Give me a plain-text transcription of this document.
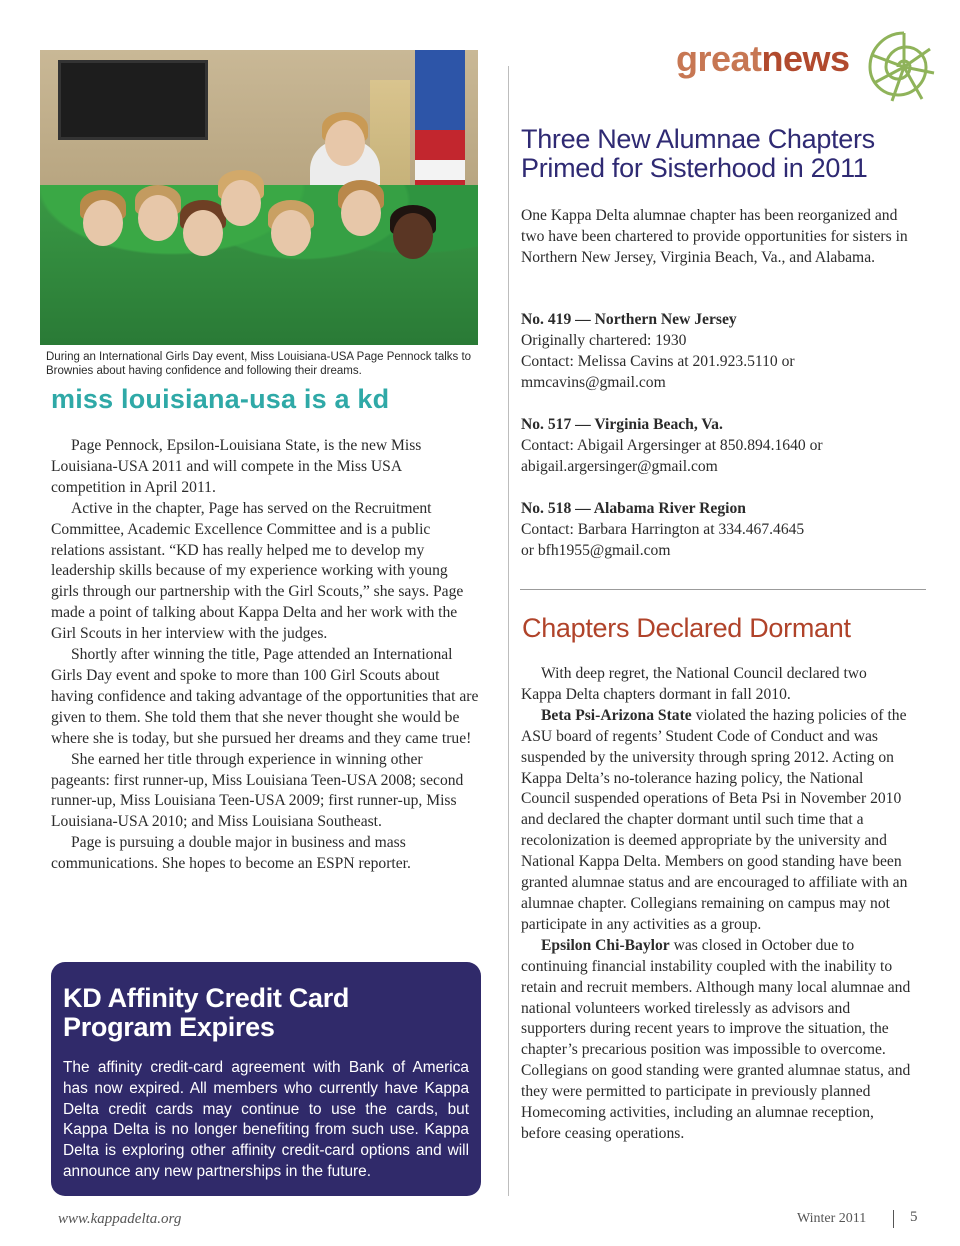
During an International Girls Day event, Miss Louisiana-USA Page Pennock talks to Brownies about having confidence and following their dreams.
miss louisiana-usa is a kd

Page Pennock, Epsilon-Louisiana State, is the new Miss Louisiana-USA 2011 and will compete in the Miss USA competition in April 2011.

Active in the chapter, Page has served on the Recruitment Committee, Academic Excellence Committee and is a public relations assistant. “KD has really helped me to develop my leadership skills because of my experience working with young girls through our partnership with the Girl Scouts,” she says. Page made a point of talking about Kappa Delta and her work with the Girl Scouts in her interview with the judges.

Shortly after winning the title, Page attended an International Girls Day event and spoke to more than 100 Girl Scouts about having confidence and taking advantage of the opportunities that are given to them. She told them that she never thought she would be where she is today, but she pursued her dreams and they came true!

She earned her title through experience in winning other pageants: first runner-up, Miss Louisiana Teen-USA 2008; second runner-up, Miss Louisiana Teen-USA 2009; first runner-up, Miss Louisiana-USA 2010; and Miss Louisiana Southeast.

Page is pursuing a double major in business and mass communications. She hopes to become an ESPN reporter.

KD Affinity Credit Card
Program Expires
The affinity credit-card agreement with Bank of America has now expired. All members who currently have Kappa Delta credit cards may continue to use the cards, but Kappa Delta is no longer benefiting from such use. Kappa Delta is exploring other affinity credit-card options and will announce any new partnerships in the future.
greatnews
Three New Alumnae Chapters
Primed for Sisterhood in 2011
One Kappa Delta alumnae chapter has been reorganized and two have been chartered to provide opportunities for sisters in Northern New Jersey, Virginia Beach, Va., and Alabama.
No. 419 — Northern New Jersey
Originally chartered: 1930
Contact: Melissa Cavins at 201.923.5110 or
mmcavins@gmail.com
No. 517 — Virginia Beach, Va.
Contact: Abigail Argersinger at 850.894.1640 or
abigail.argersinger@gmail.com
No. 518 — Alabama River Region
Contact: Barbara Harrington at 334.467.4645
or bfh1955@gmail.com
Chapters Declared Dormant

With deep regret, the National Council declared two Kappa Delta chapters dormant in fall 2010.

Beta Psi-Arizona State violated the hazing policies of the ASU board of regents’ Student Code of Conduct and was suspended by the university through spring 2012. Acting on Kappa Delta’s no-tolerance hazing policy, the National Council suspended operations of Beta Psi in November 2010 and declared the chapter dormant until such time that a recolonization is deemed appropriate by the university and National Kappa Delta. Members on good standing have been granted alumnae status and are encouraged to affiliate with an alumnae chapter. Collegians remaining on campus may not participate in any activities as a group.

Epsilon Chi-Baylor was closed in October due to continuing financial instability coupled with the inability to retain and recruit members. Although many local alumnae and national volunteers worked tirelessly as advisors and supporters during recent years to improve the situation, the chapter’s precarious position was impossible to overcome. Collegians on good standing were granted alumnae status, and they were permitted to participate in previously planned Homecoming activities, including an alumnae reception, before ceasing operations.

www.kappadelta.org	Winter 2011	5
